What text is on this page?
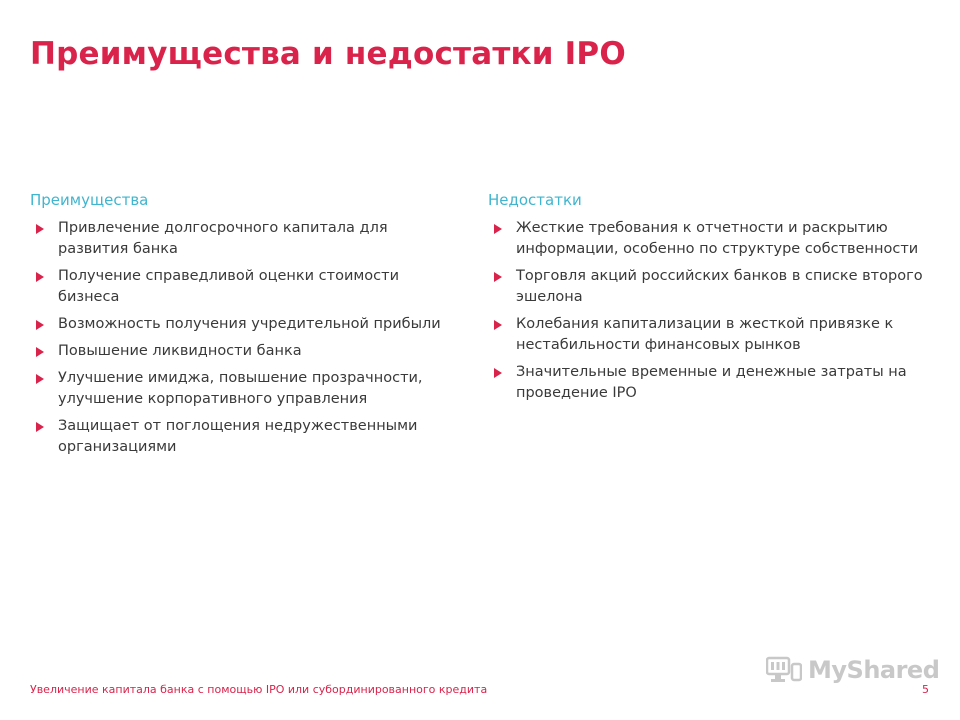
Преимущества и недостатки IPO
Преимущества
Привлечение долгосрочного капитала для развития банка
Получение справедливой оценки стоимости бизнеса
Возможность получения учредительной прибыли
Повышение ликвидности банка
Улучшение имиджа, повышение прозрачности, улучшение корпоративного управления
Защищает от поглощения недружественными организациями
Недостатки
Жесткие требования к отчетности и раскрытию информации, особенно по структуре собственности
Торговля акций российских банков в списке второго эшелона
Колебания капитализации в жесткой привязке к нестабильности финансовых рынков
Значительные временные и денежные затраты на проведение IPO
MyShared
Увеличение капитала банка с помощью IPO или субординированного кредита	5
